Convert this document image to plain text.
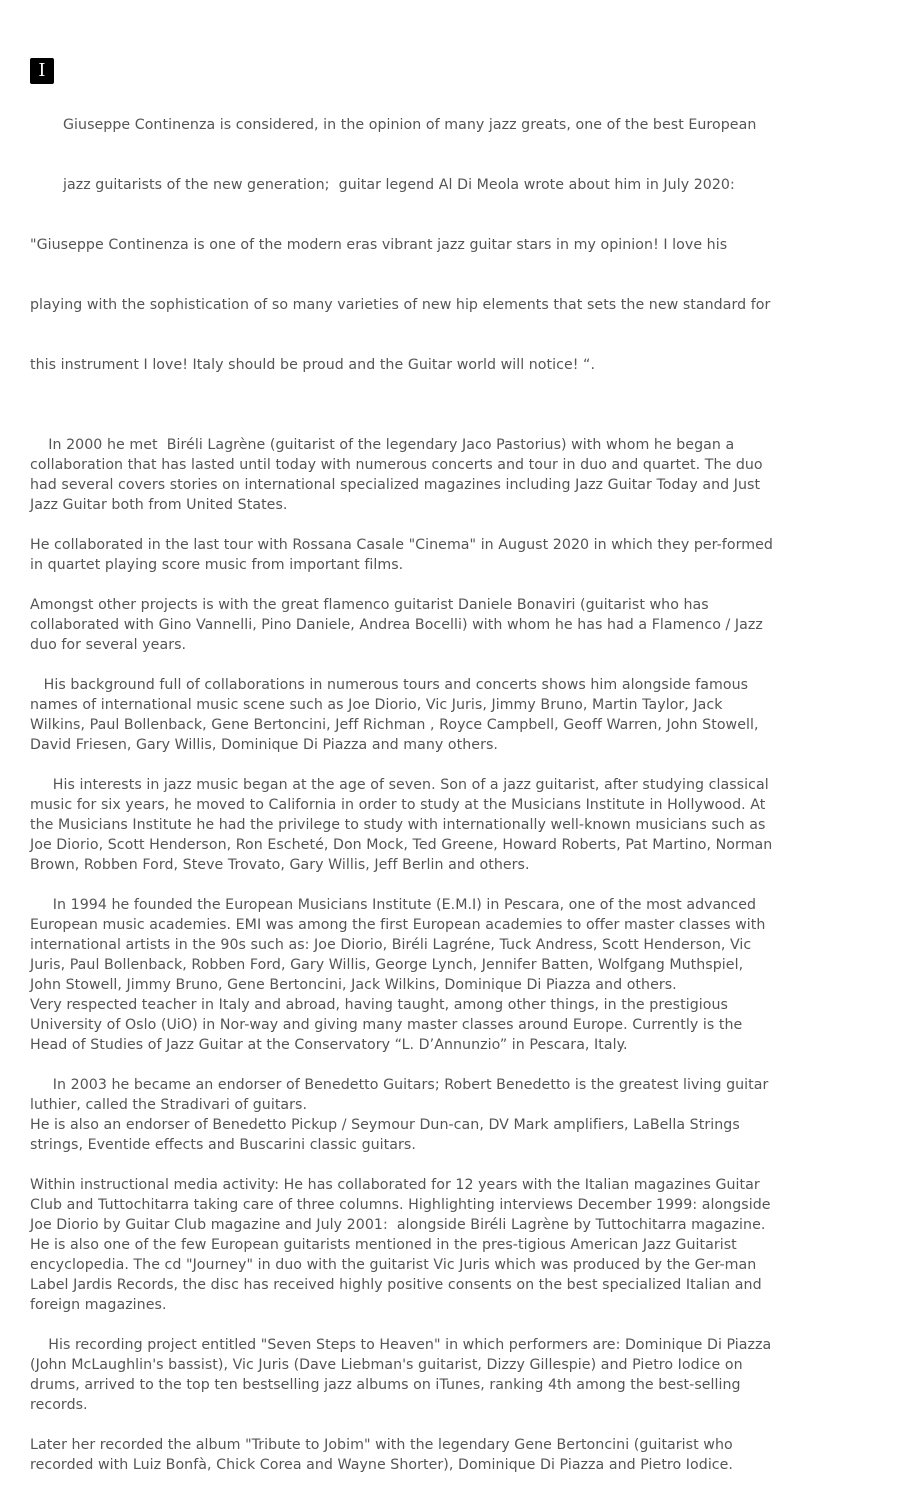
I

Giuseppe Continenza is considered, in the opinion of many jazz greats, one of the best European

jazz guitarists of the new generation;  guitar legend Al Di Meola wrote about him in July 2020:

"Giuseppe Continenza is one of the modern eras vibrant jazz guitar stars in my opinion! I love his

playing with the sophistication of so many varieties of new hip elements that sets the new standard for

this instrument I love! Italy should be proud and the Guitar world will notice! “.

In 2000 he met  Biréli Lagrène (guitarist of the legendary Jaco Pastorius) with whom he began a
collaboration that has lasted until today with numerous concerts and tour in duo and quartet. The duo
had several covers stories on international specialized magazines including Jazz Guitar Today and Just
Jazz Guitar both from United States.
He collaborated in the last tour with Rossana Casale "Cinema" in August 2020 in which they per-formed
in quartet playing score music from important films.
Amongst other projects is with the great flamenco guitarist Daniele Bonaviri (guitarist who has
collaborated with Gino Vannelli, Pino Daniele, Andrea Bocelli) with whom he has had a Flamenco / Jazz
duo for several years.
His background full of collaborations in numerous tours and concerts shows him alongside famous
names of international music scene such as Joe Diorio, Vic Juris, Jimmy Bruno, Martin Taylor, Jack
Wilkins, Paul Bollenback, Gene Bertoncini, Jeff Richman , Royce Campbell, Geoff Warren, John Stowell,
David Friesen, Gary Willis, Dominique Di Piazza and many others.
His interests in jazz music began at the age of seven. Son of a jazz guitarist, after studying classical
music for six years, he moved to California in order to study at the Musicians Institute in Hollywood. At
the Musicians Institute he had the privilege to study with internationally well-known musicians such as
Joe Diorio, Scott Henderson, Ron Escheté, Don Mock, Ted Greene, Howard Roberts, Pat Martino, Norman
Brown, Robben Ford, Steve Trovato, Gary Willis, Jeff Berlin and others.
In 1994 he founded the European Musicians Institute (E.M.I) in Pescara, one of the most advanced
European music academies. EMI was among the first European academies to offer master classes with
international artists in the 90s such as: Joe Diorio, Biréli Lagréne, Tuck Andress, Scott Henderson, Vic
Juris, Paul Bollenback, Robben Ford, Gary Willis, George Lynch, Jennifer Batten, Wolfgang Muthspiel,
John Stowell, Jimmy Bruno, Gene Bertoncini, Jack Wilkins, Dominique Di Piazza and others.
Very respected teacher in Italy and abroad, having taught, among other things, in the prestigious
University of Oslo (UiO) in Nor-way and giving many master classes around Europe. Currently is the
Head of Studies of Jazz Guitar at the Conservatory “L. D’Annunzio” in Pescara, Italy.
In 2003 he became an endorser of Benedetto Guitars; Robert Benedetto is the greatest living guitar
luthier, called the Stradivari of guitars.
He is also an endorser of Benedetto Pickup / Seymour Dun-can, DV Mark amplifiers, LaBella Strings
strings, Eventide effects and Buscarini classic guitars.
Within instructional media activity: He has collaborated for 12 years with the Italian magazines Guitar
Club and Tuttochitarra taking care of three columns. Highlighting interviews December 1999: alongside
Joe Diorio by Guitar Club magazine and July 2001:  alongside Biréli Lagrène by Tuttochitarra magazine.
He is also one of the few European guitarists mentioned in the pres-tigious American Jazz Guitarist
encyclopedia. The cd "Journey" in duo with the guitarist Vic Juris which was produced by the Ger-man
Label Jardis Records, the disc has received highly positive consents on the best specialized Italian and
foreign magazines.
His recording project entitled "Seven Steps to Heaven" in which performers are: Dominique Di Piazza
(John McLaughlin's bassist), Vic Juris (Dave Liebman's guitarist, Dizzy Gillespie) and Pietro Iodice on
drums, arrived to the top ten bestselling jazz albums on iTunes, ranking 4th among the best-selling
records.
Later her recorded the album "Tribute to Jobim" with the legendary Gene Bertoncini (guitarist who
recorded with Luiz Bonfà, Chick Corea and Wayne Shorter), Dominique Di Piazza and Pietro Iodice.
